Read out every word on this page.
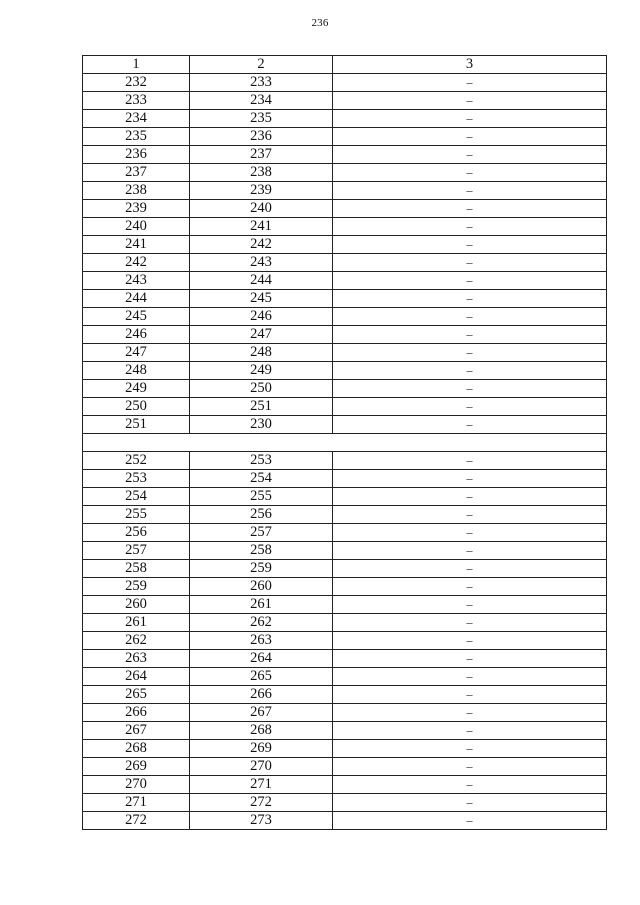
236
1	2	3
232	233	–
233	234	–
234	235	–
235	236	–
236	237	–
237	238	–
238	239	–
239	240	–
240	241	–
241	242	–
242	243	–
243	244	–
244	245	–
245	246	–
246	247	–
247	248	–
248	249	–
249	250	–
250	251	–
251	230	–

252	253	–
253	254	–
254	255	–
255	256	–
256	257	–
257	258	–
258	259	–
259	260	–
260	261	–
261	262	–
262	263	–
263	264	–
264	265	–
265	266	–
266	267	–
267	268	–
268	269	–
269	270	–
270	271	–
271	272	–
272	273	–
